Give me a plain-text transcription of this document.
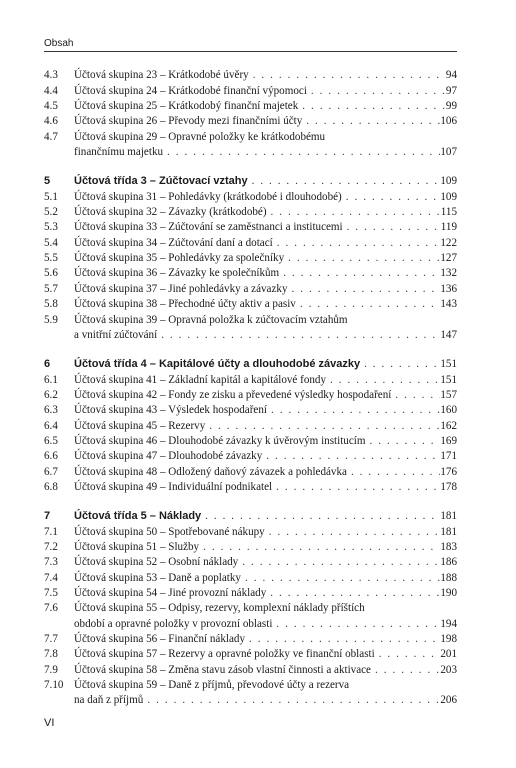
Obsah
4.3	Účtová skupina 23 – Krátkodobé úvěry . . .	94
4.4	Účtová skupina 24 – Krátkodobé finanční výpomoci . . .	97
4.5	Účtová skupina 25 – Krátkodobý finanční majetek . . .	99
4.6	Účtová skupina 26 – Převody mezi finančními účty . . .	106
4.7	Účtová skupina 29 – Opravné položky ke krátkodobému
finančnímu majetku . . .	107
5	Účtová třída 3 – Zúčtovací vztahy . . .	109
5.1	Účtová skupina 31 – Pohledávky (krátkodobé i dlouhodobé) . . .	109
5.2	Účtová skupina 32 – Závazky (krátkodobé) . . .	115
5.3	Účtová skupina 33 – Zúčtování se zaměstnanci a institucemi . . .	119
5.4	Účtová skupina 34 – Zúčtování daní a dotací . . .	122
5.5	Účtová skupina 35 – Pohledávky za společníky . . .	127
5.6	Účtová skupina 36 – Závazky ke společníkům . . .	132
5.7	Účtová skupina 37 – Jiné pohledávky a závazky . . .	136
5.8	Účtová skupina 38 – Přechodné účty aktiv a pasiv . . .	143
5.9	Účtová skupina 39 – Opravná položka k zúčtovacím vztahům
a vnitřní zúčtování . . .	147
6	Účtová třída 4 – Kapitálové účty a dlouhodobé závazky . . .	151
6.1	Účtová skupina 41 – Základní kapitál a kapitálové fondy . . .	151
6.2	Účtová skupina 42 – Fondy ze zisku a převedené výsledky hospodaření . . .	157
6.3	Účtová skupina 43 – Výsledek hospodaření . . .	160
6.4	Účtová skupina 45 – Rezervy . . .	162
6.5	Účtová skupina 46 – Dlouhodobé závazky k úvěrovým institucím . . .	169
6.6	Účtová skupina 47 – Dlouhodobé závazky . . .	171
6.7	Účtová skupina 48 – Odložený daňový závazek a pohledávka . . .	176
6.8	Účtová skupina 49 – Individuální podnikatel . . .	178
7	Účtová třída 5 – Náklady . . .	181
7.1	Účtová skupina 50 – Spotřebované nákupy . . .	181
7.2	Účtová skupina 51 – Služby . . .	183
7.3	Účtová skupina 52 – Osobní náklady . . .	186
7.4	Účtová skupina 53 – Daně a poplatky . . .	188
7.5	Účtová skupina 54 – Jiné provozní náklady . . .	190
7.6	Účtová skupina 55 – Odpisy, rezervy, komplexní náklady příštích
období a opravné položky v provozní oblasti . . .	194
7.7	Účtová skupina 56 – Finanční náklady . . .	198
7.8	Účtová skupina 57 – Rezervy a opravné položky ve finanční oblasti . . .	201
7.9	Účtová skupina 58 – Změna stavu zásob vlastní činnosti a aktivace . . .	203
7.10 Účtová skupina 59 – Daně z příjmů, převodové účty a rezerva
na daň z příjmů . . .	206
VI
